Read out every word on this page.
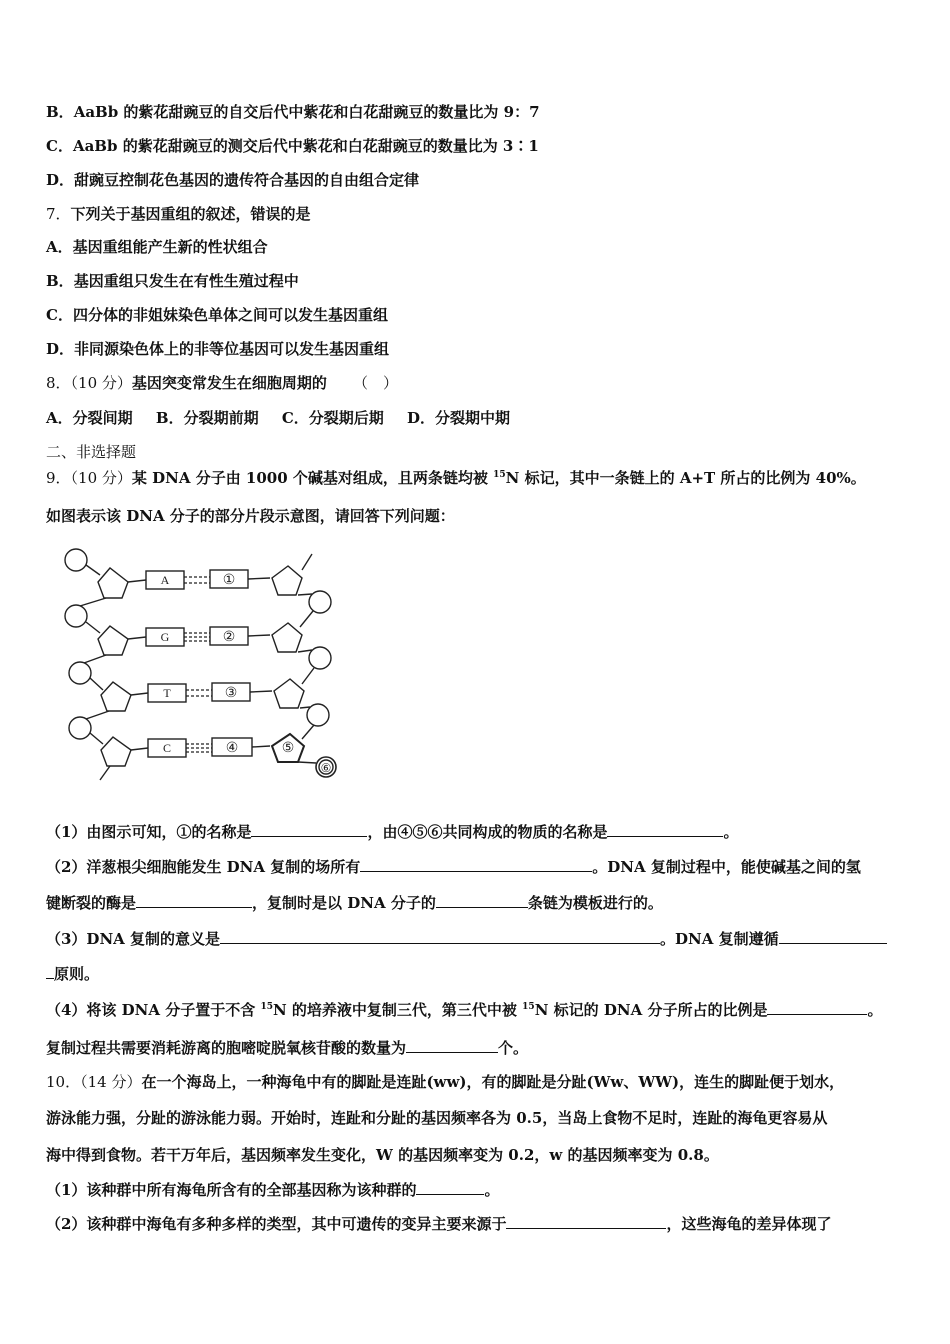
B．AaBb 的紫花甜豌豆的自交后代中紫花和白花甜豌豆的数量比为 9：7
C．AaBb 的紫花甜豌豆的测交后代中紫花和白花甜豌豆的数量比为 3∶1
D．甜豌豆控制花色基因的遗传符合基因的自由组合定律
7．下列关于基因重组的叙述，错误的是
A．基因重组能产生新的性状组合
B．基因重组只发生在有性生殖过程中
C．四分体的非姐妹染色单体之间可以发生基因重组
D．非同源染色体上的非等位基因可以发生基因重组
8．（10 分）基因突变常发生在细胞周期的 （　）
A．分裂间期 B．分裂期前期 C．分裂期后期 D．分裂期中期
二、非选择题
9．（10 分）某 DNA 分子由 1000 个碱基对组成，且两条链均被 $^{15}$N 标记，其中一条链上的 A+T 所占的比例为 40%。
如图表示该 DNA 分子的部分片段示意图，请回答下列问题：
A
G
T
C
①
②
③
④	⑤
⑥
（1）由图示可知，①的名称是	，由④⑤⑥共同构成的物质的名称是	。
（2）洋葱根尖细胞能发生 DNA 复制的场所有	。DNA 复制过程中，能使碱基之间的氢
键断裂的酶是	，复制时是以 DNA 分子的	条链为模板进行的。
（3）DNA 复制的意义是	。DNA 复制遵循
原则。
（4）将该 DNA 分子置于不含 $^{15}$N 的培养液中复制三代，第三代中被 $^{15}$N 标记的 DNA 分子所占的比例是	。
复制过程共需要消耗游离的胞嘧啶脱氧核苷酸的数量为	个。
10．（14 分）在一个海岛上，一种海龟中有的脚趾是连趾(ww)，有的脚趾是分趾(Ww、WW)，连生的脚趾便于划水，
游泳能力强，分趾的游泳能力弱。开始时，连趾和分趾的基因频率各为 0.5，当岛上食物不足时，连趾的海龟更容易从
海中得到食物。若干万年后，基因频率发生变化，W 的基因频率变为 0.2，w 的基因频率变为 0.8。
（1）该种群中所有海龟所含有的全部基因称为该种群的	。
（2）该种群中海龟有多种多样的类型，其中可遗传的变异主要来源于	，这些海龟的差异体现了
